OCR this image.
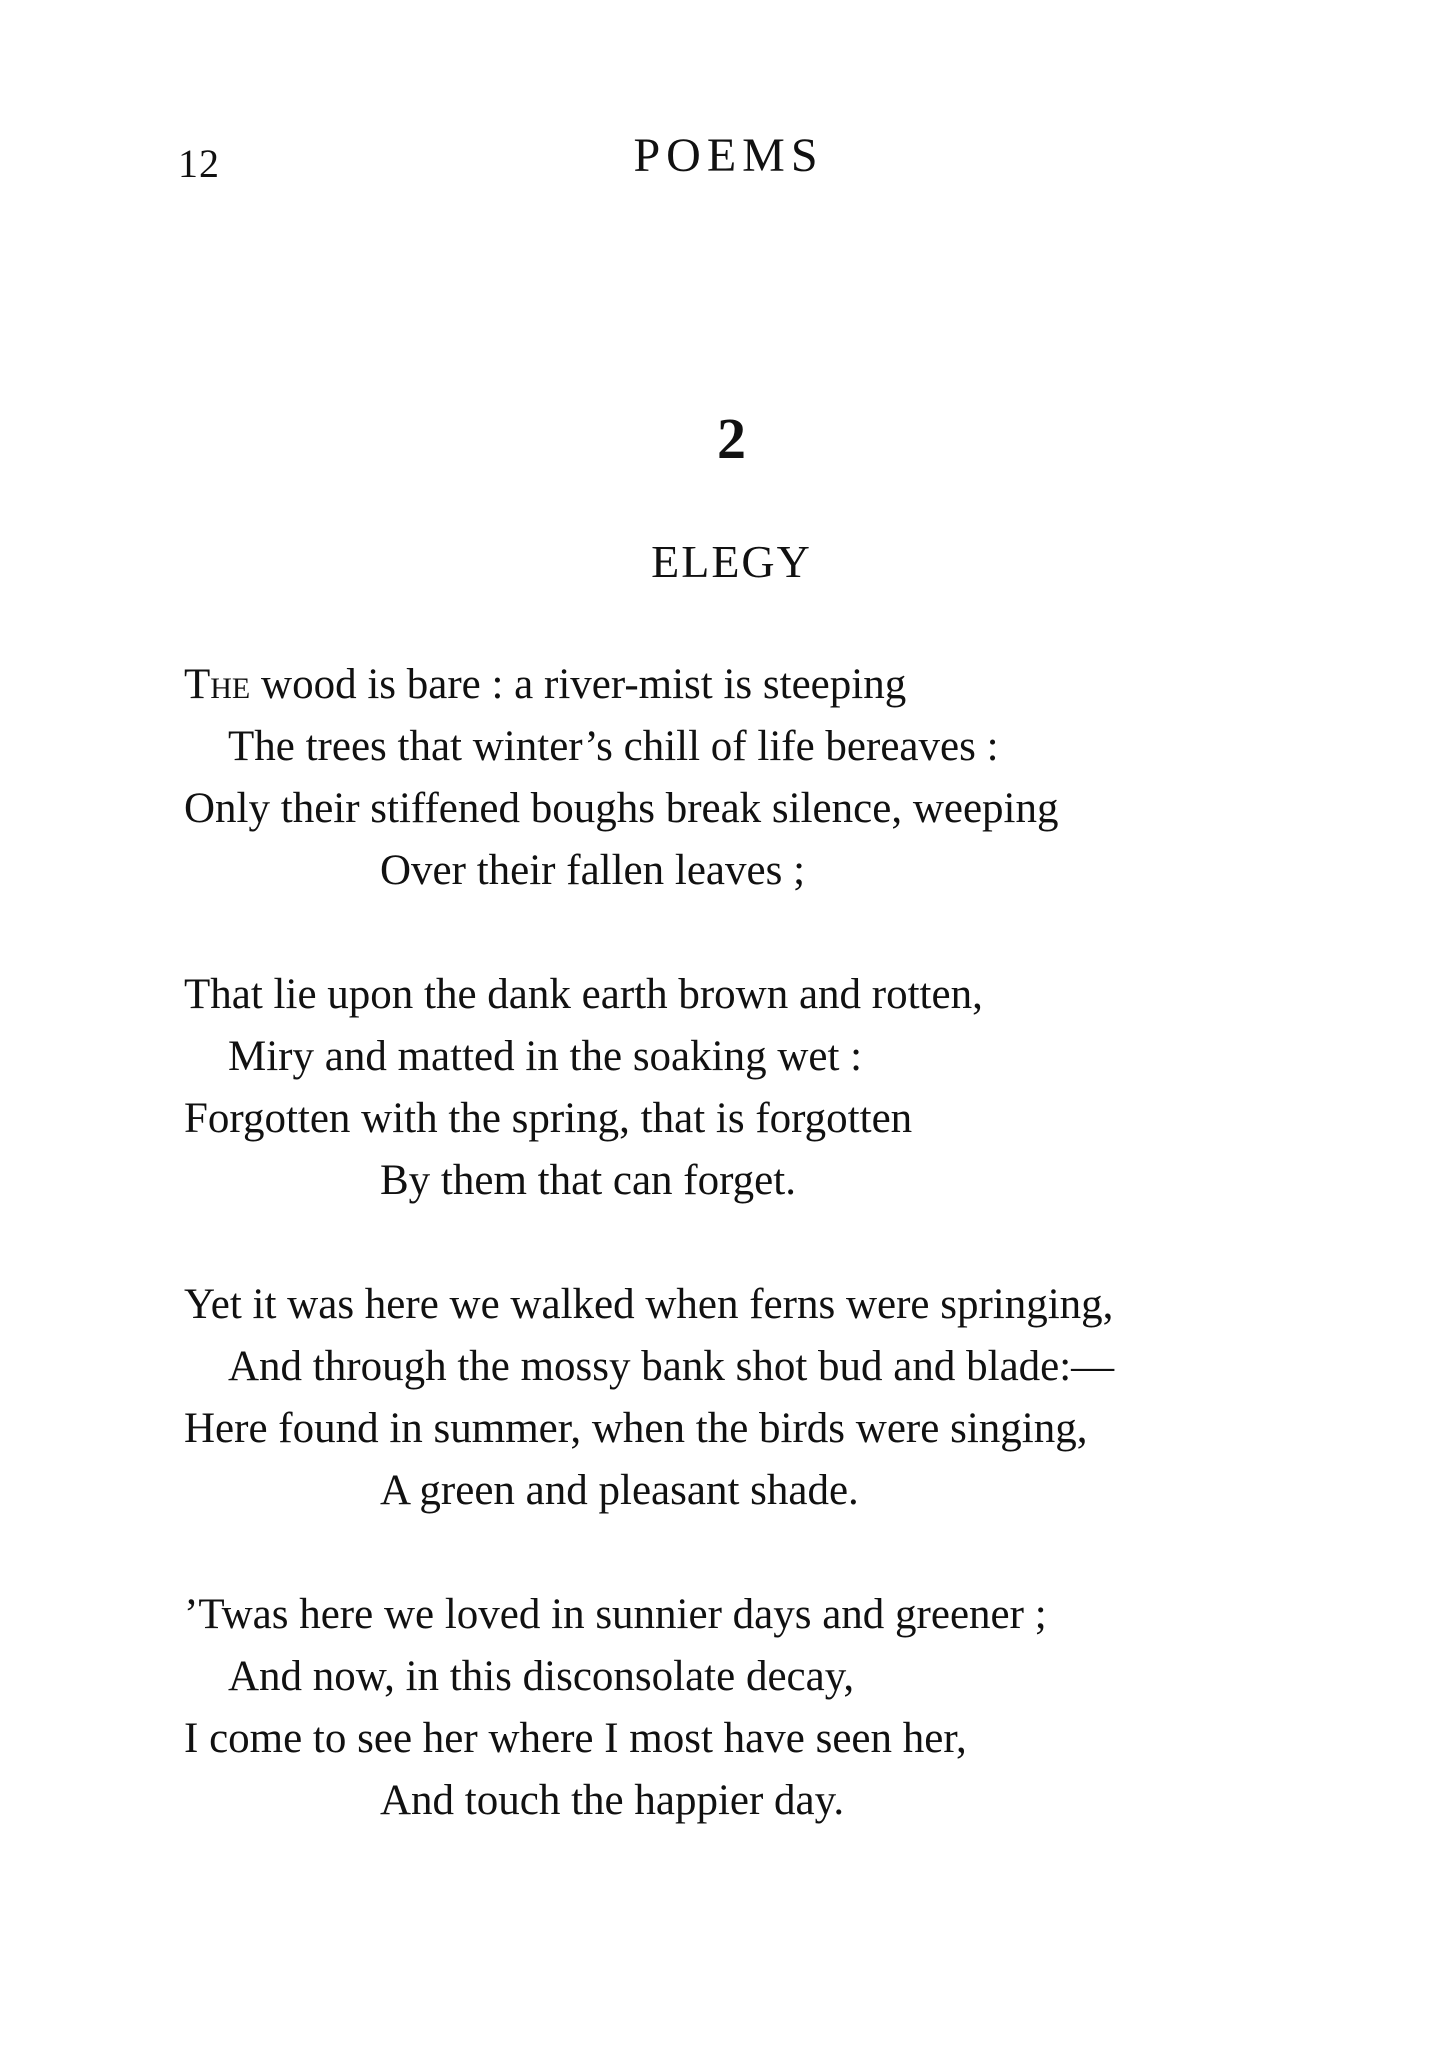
12	POEMS
2
ELEGY
The wood is bare : a river-mist is steeping
The trees that winter’s chill of life bereaves :
Only their stiffened boughs break silence, weeping
Over their fallen leaves ;
That lie upon the dank earth brown and rotten,
Miry and matted in the soaking wet :
Forgotten with the spring, that is forgotten
By them that can forget.
Yet it was here we walked when ferns were springing,
And through the mossy bank shot bud and blade:—
Here found in summer, when the birds were singing,
A green and pleasant shade.
’Twas here we loved in sunnier days and greener ;
And now, in this disconsolate decay,
I come to see her where I most have seen her,
And touch the happier day.
